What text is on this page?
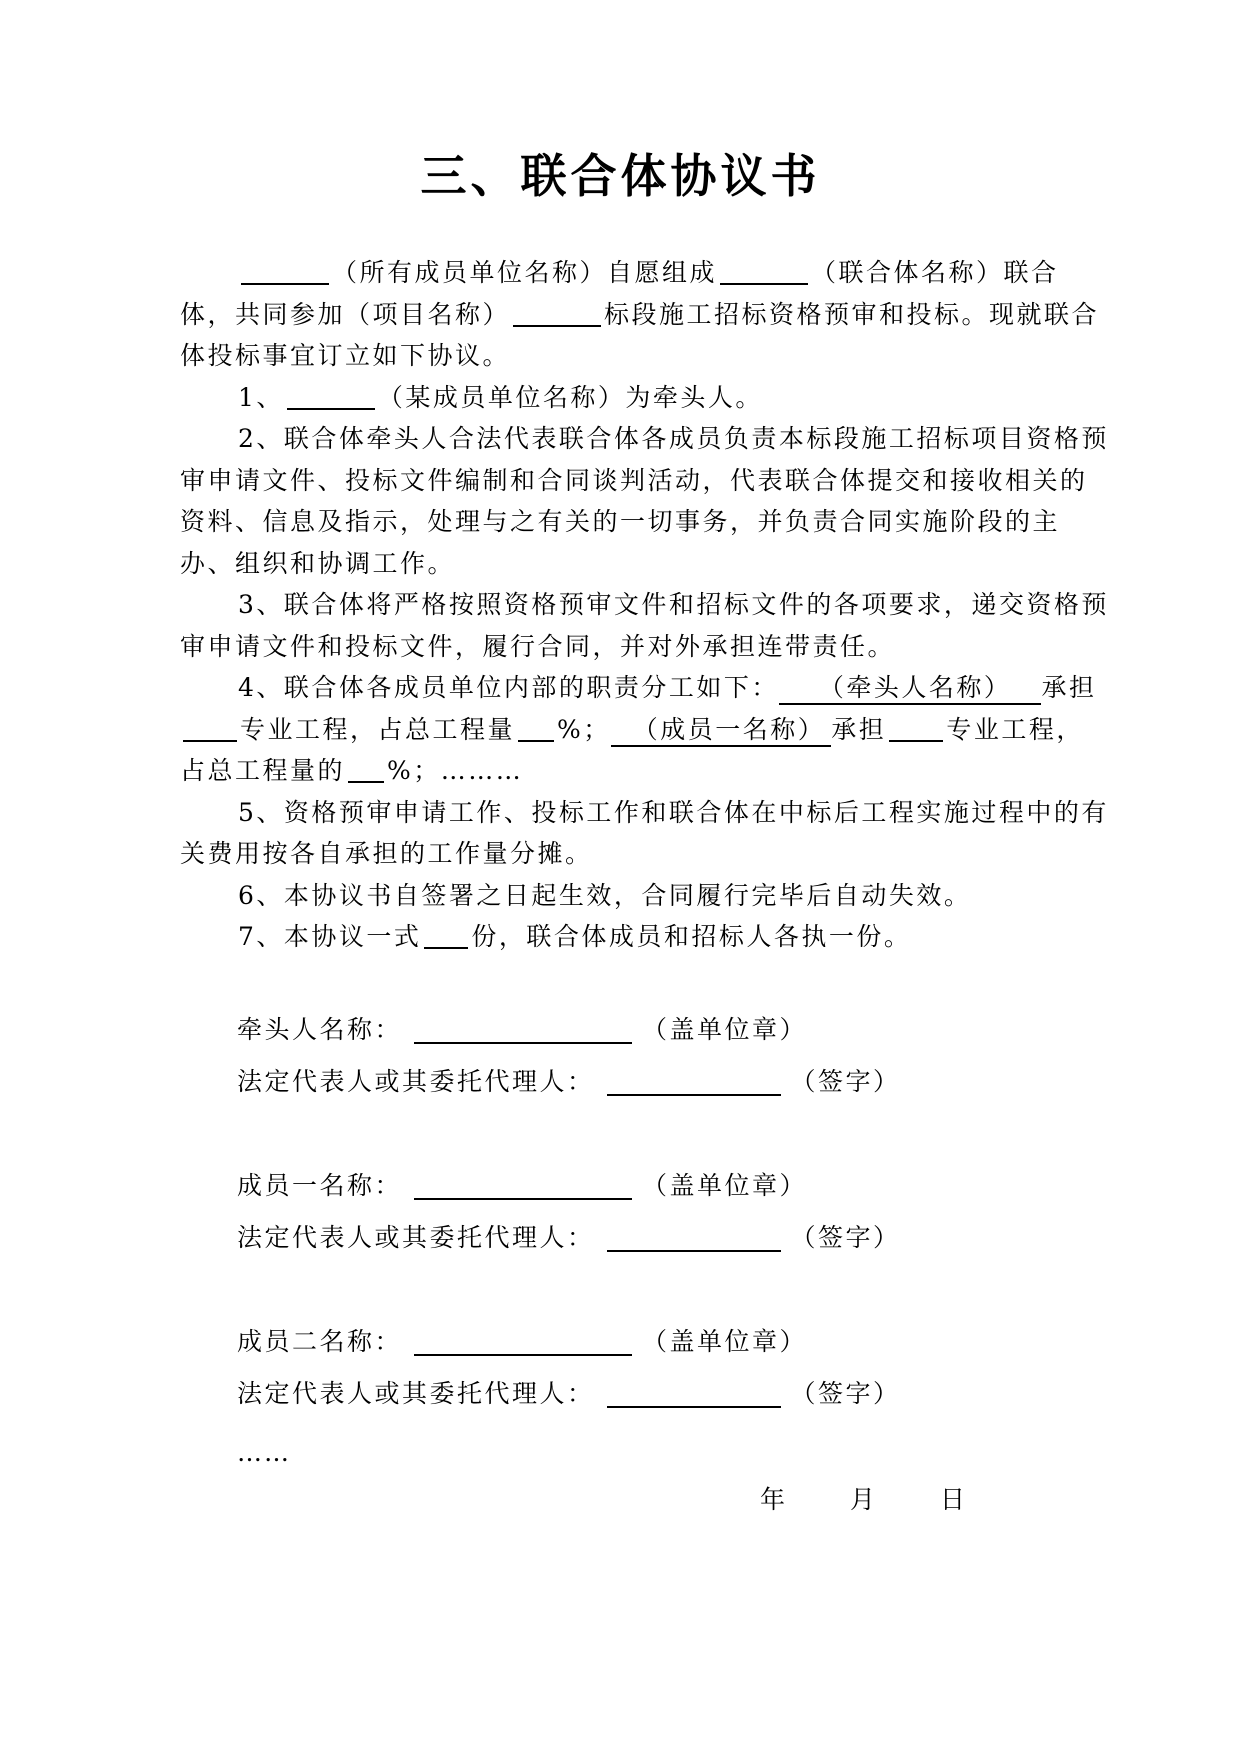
三、联合体协议书

（所有成员单位名称）自愿组成	（联合体名称）联合体，共同参加（项目名称）	标段施工招标资格预审和投标。现就联合体投标事宜订立如下协议。

1、	（某成员单位名称）为牵头人。

2、联合体牵头人合法代表联合体各成员负责本标段施工招标项目资格预审申请文件、投标文件编制和合同谈判活动，代表联合体提交和接收相关的资料、信息及指示，处理与之有关的一切事务，并负责合同实施阶段的主办、组织和协调工作。

3、联合体将严格按照资格预审文件和招标文件的各项要求，递交资格预审申请文件和投标文件，履行合同，并对外承担连带责任。

4、联合体各成员单位内部的职责分工如下： （牵头人名称） 承担专业工程，占总工程量 %； （成员一名称） 承担 专业工程，占总工程量的 %；………

5、资格预审申请工作、投标工作和联合体在中标后工程实施过程中的有关费用按各自承担的工作量分摊。

6、本协议书自签署之日起生效，合同履行完毕后自动失效。

7、本协议一式 份，联合体成员和招标人各执一份。

牵头人名称：	（盖单位章）
法定代表人或其委托代理人：	（签字）
成员一名称：	（盖单位章）
法定代表人或其委托代理人：	（签字）
成员二名称：	（盖单位章）
法定代表人或其委托代理人：	（签字）
……
年	月	日
